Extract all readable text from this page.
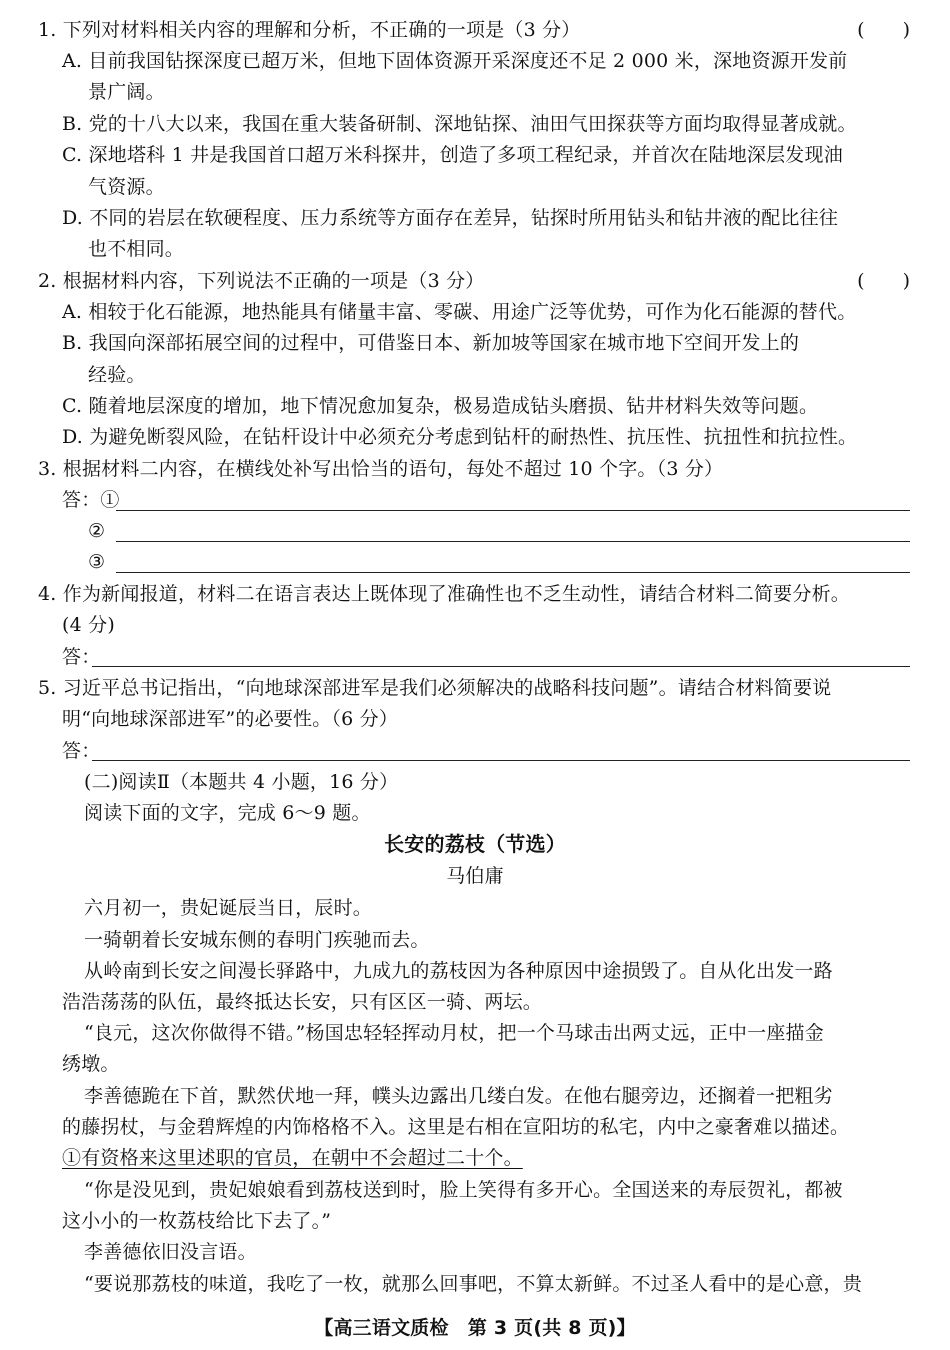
1. 下列对材料相关内容的理解和分析，不正确的一项是（3 分）	(　　)
A. 目前我国钻探深度已超万米，但地下固体资源开采深度还不足 2 000 米，深地资源开发前
景广阔。
B. 党的十八大以来，我国在重大装备研制、深地钻探、油田气田探获等方面均取得显著成就。
C. 深地塔科 1 井是我国首口超万米科探井，创造了多项工程纪录，并首次在陆地深层发现油
气资源。
D. 不同的岩层在软硬程度、压力系统等方面存在差异，钻探时所用钻头和钻井液的配比往往
也不相同。
2. 根据材料内容，下列说法不正确的一项是（3 分）	(　　)
A. 相较于化石能源，地热能具有储量丰富、零碳、用途广泛等优势，可作为化石能源的替代。
B. 我国向深部拓展空间的过程中，可借鉴日本、新加坡等国家在城市地下空间开发上的
经验。
C. 随着地层深度的增加，地下情况愈加复杂，极易造成钻头磨损、钻井材料失效等问题。
D. 为避免断裂风险，在钻杆设计中必须充分考虑到钻杆的耐热性、抗压性、抗扭性和抗拉性。
3. 根据材料二内容，在横线处补写出恰当的语句，每处不超过 10 个字。（3 分）
答：①
②
③
4. 作为新闻报道，材料二在语言表达上既体现了准确性也不乏生动性，请结合材料二简要分析。
(4 分)
答：
5. 习近平总书记指出，“向地球深部进军是我们必须解决的战略科技问题”。请结合材料简要说
明“向地球深部进军”的必要性。（6 分）
答：
(二)阅读Ⅱ（本题共 4 小题，16 分）
阅读下面的文字，完成 6～9 题。
长安的荔枝（节选）
马伯庸
六月初一，贵妃诞辰当日，辰时。
一骑朝着长安城东侧的春明门疾驰而去。
从岭南到长安之间漫长驿路中，九成九的荔枝因为各种原因中途损毁了。自从化出发一路
浩浩荡荡的队伍，最终抵达长安，只有区区一骑、两坛。
“良元，这次你做得不错。”杨国忠轻轻挥动月杖，把一个马球击出两丈远，正中一座描金
绣墩。
李善德跪在下首，默然伏地一拜，幞头边露出几缕白发。在他右腿旁边，还搁着一把粗劣
的藤拐杖，与金碧辉煌的内饰格格不入。这里是右相在宣阳坊的私宅，内中之豪奢难以描述。
①有资格来这里述职的官员，在朝中不会超过二十个。
“你是没见到，贵妃娘娘看到荔枝送到时，脸上笑得有多开心。全国送来的寿辰贺礼，都被
这小小的一枚荔枝给比下去了。”
李善德依旧没言语。
“要说那荔枝的味道，我吃了一枚，就那么回事吧，不算太新鲜。不过圣人看中的是心意，贵
【高三语文质检　第 3 页(共 8 页)】
